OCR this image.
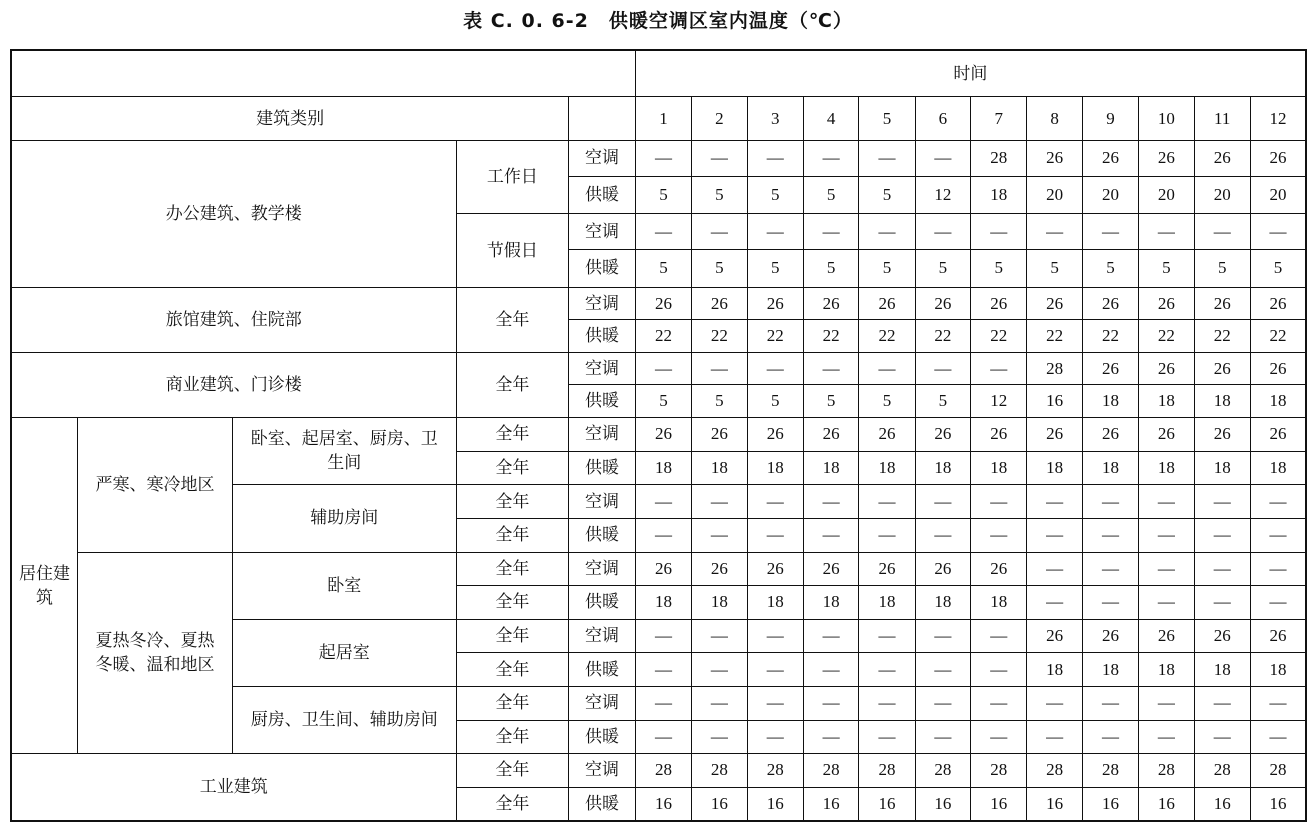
表 C. 0. 6-2　供暖空调区室内温度（℃）
					时间											
建筑类别					1	2	3	4	5	6	7	8	9	10	11	12
办公建筑、教学楼			工作日	空调	—	—	—	—	—	—	28	26	26	26	26	26
				供暖	5	5	5	5	5	12	18	20	20	20	20	20
			节假日	空调	—	—	—	—	—	—	—	—	—	—	—	—
				供暖	5	5	5	5	5	5	5	5	5	5	5	5
旅馆建筑、住院部			全年	空调	26	26	26	26	26	26	26	26	26	26	26	26
				供暖	22	22	22	22	22	22	22	22	22	22	22	22
商业建筑、门诊楼			全年	空调	—	—	—	—	—	—	—	28	26	26	26	26
				供暖	5	5	5	5	5	5	12	16	18	18	18	18
居住建筑	严寒、寒冷地区	卧室、起居室、厨房、卫生间	全年	空调	26	26	26	26	26	26	26	26	26	26	26	26
			全年	供暖	18	18	18	18	18	18	18	18	18	18	18	18
		辅助房间	全年	空调	—	—	—	—	—	—	—	—	—	—	—	—
			全年	供暖	—	—	—	—	—	—	—	—	—	—	—	—
	夏热冬冷、夏热冬暖、温和地区	卧室	全年	空调	26	26	26	26	26	26	26	—	—	—	—	—
			全年	供暖	18	18	18	18	18	18	18	—	—	—	—	—
		起居室	全年	空调	—	—	—	—	—	—	—	26	26	26	26	26
			全年	供暖	—	—	—	—	—	—	—	18	18	18	18	18
		厨房、卫生间、辅助房间	全年	空调	—	—	—	—	—	—	—	—	—	—	—	—
			全年	供暖	—	—	—	—	—	—	—	—	—	—	—	—
工业建筑			全年	空调	28	28	28	28	28	28	28	28	28	28	28	28
			全年	供暖	16	16	16	16	16	16	16	16	16	16	16	16
